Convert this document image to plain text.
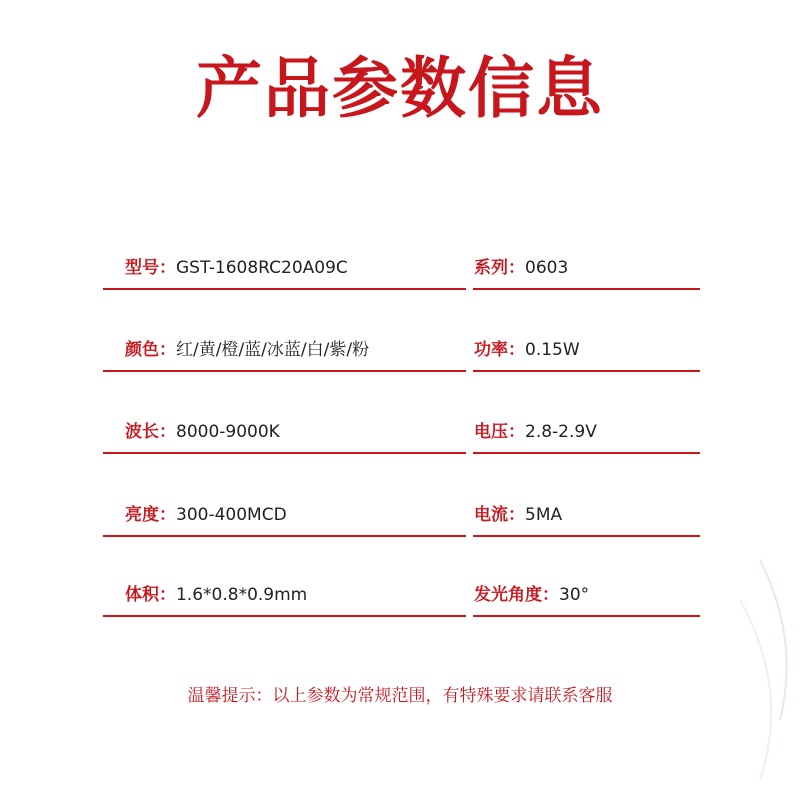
产品参数信息
型号：GST-1608RC20A09C	系列：0603
颜色：红/黄/橙/蓝/冰蓝/白/紫/粉	功率：0.15W
波长：8000-9000K	电压：2.8-2.9V
亮度：300-400MCD	电流：5MA
体积：1.6*0.8*0.9mm	发光角度：30°

温馨提示：以上参数为常规范围，有特殊要求请联系客服
